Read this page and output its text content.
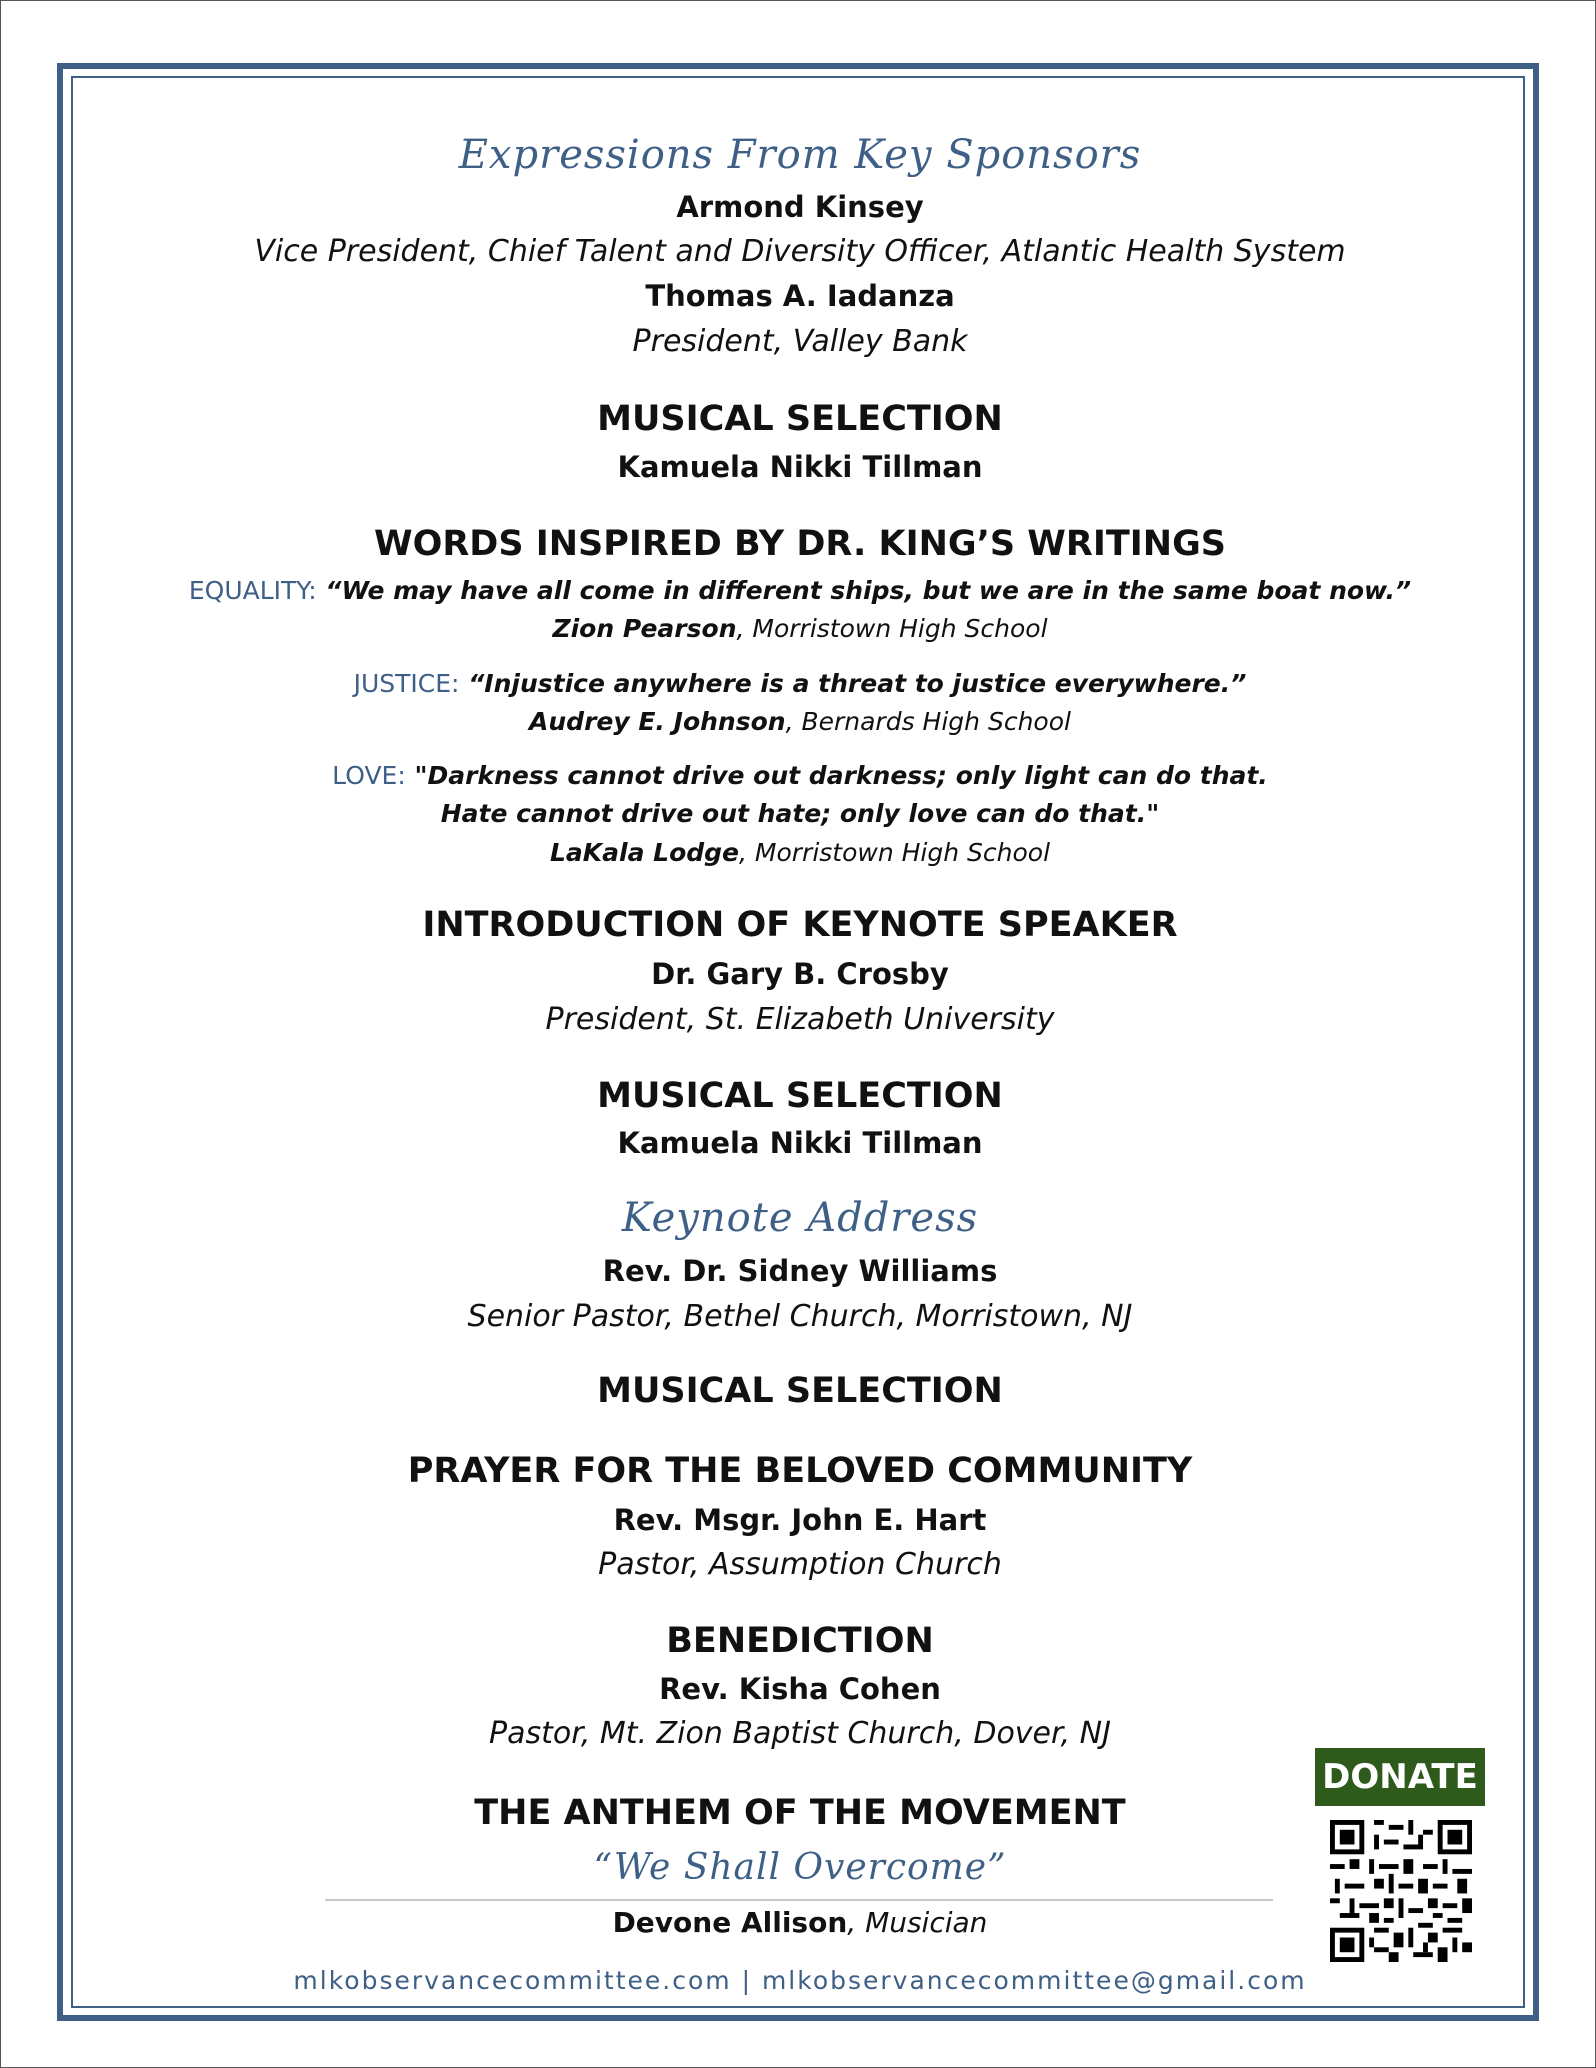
Expressions From Key Sponsors
Armond Kinsey
Vice President, Chief Talent and Diversity Officer, Atlantic Health System
Thomas A. Iadanza
President, Valley Bank
MUSICAL SELECTION
Kamuela Nikki Tillman
WORDS INSPIRED BY DR. KING’S WRITINGS
EQUALITY: “We may have all come in different ships, but we are in the same boat now.”
Zion Pearson, Morristown High School
JUSTICE: “Injustice anywhere is a threat to justice everywhere.”
Audrey E. Johnson, Bernards High School
LOVE: "Darkness cannot drive out darkness; only light can do that.
Hate cannot drive out hate; only love can do that."
LaKala Lodge, Morristown High School
INTRODUCTION OF KEYNOTE SPEAKER
Dr. Gary B. Crosby
President, St. Elizabeth University
MUSICAL SELECTION
Kamuela Nikki Tillman
Keynote Address
Rev. Dr. Sidney Williams
Senior Pastor, Bethel Church, Morristown, NJ
MUSICAL SELECTION
PRAYER FOR THE BELOVED COMMUNITY
Rev. Msgr. John E. Hart
Pastor, Assumption Church
BENEDICTION
Rev. Kisha Cohen
Pastor, Mt. Zion Baptist Church, Dover, NJ
THE ANTHEM OF THE MOVEMENT
“We Shall Overcome”
Devone Allison, Musician
mlkobservancecommittee.com | mlkobservancecommittee@gmail.com
DONATE
